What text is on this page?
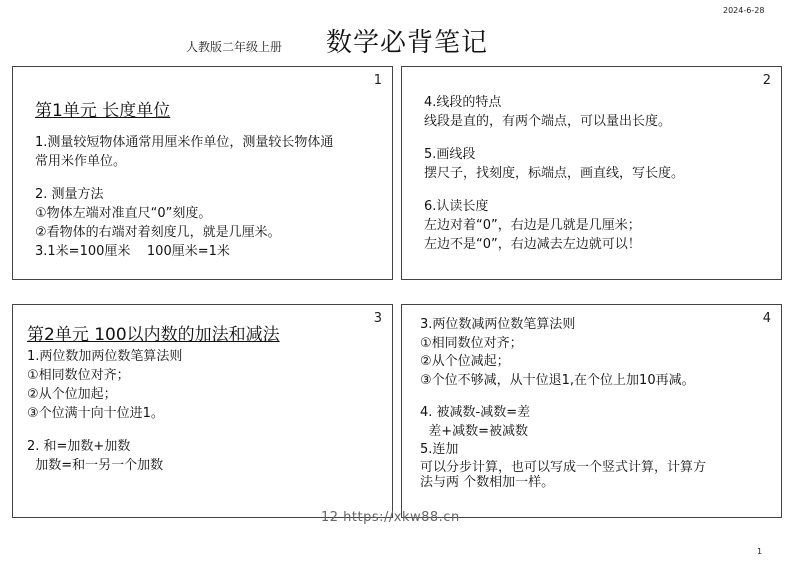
2024-6-28
人教版二年级上册 数学必背笔记
1
第1单元 长度单位
1.测量较短物体通常用厘米作单位，测量较长物体通
常用米作单位。
2. 测量方法
①物体左端对准直尺“0”刻度。
②看物体的右端对着刻度几，就是几厘米。
3.1米=100厘米    100厘米=1米
2
4.线段的特点
线段是直的，有两个端点，可以量出长度。
5.画线段
摆尺子，找刻度，标端点，画直线，写长度。
6.认读长度
左边对着“0”，右边是几就是几厘米；
左边不是“0”，右边减去左边就可以！
3
第2单元 100以内数的加法和减法
1.两位数加两位数笔算法则
①相同数位对齐；
②从个位加起；
③个位满十向十位进1。
2. 和=加数+加数
加数=和一另一个加数
4
3.两位数减两位数笔算法则
①相同数位对齐；
②从个位减起；
③个位不够减，从十位退1,在个位上加10再减。
4. 被减数-减数=差
差+减数=被减数
5.连加
可以分步计算，也可以写成一个竖式计算，计算方
法与两 个数相加一样。
12 https://xkw88.cn
1
